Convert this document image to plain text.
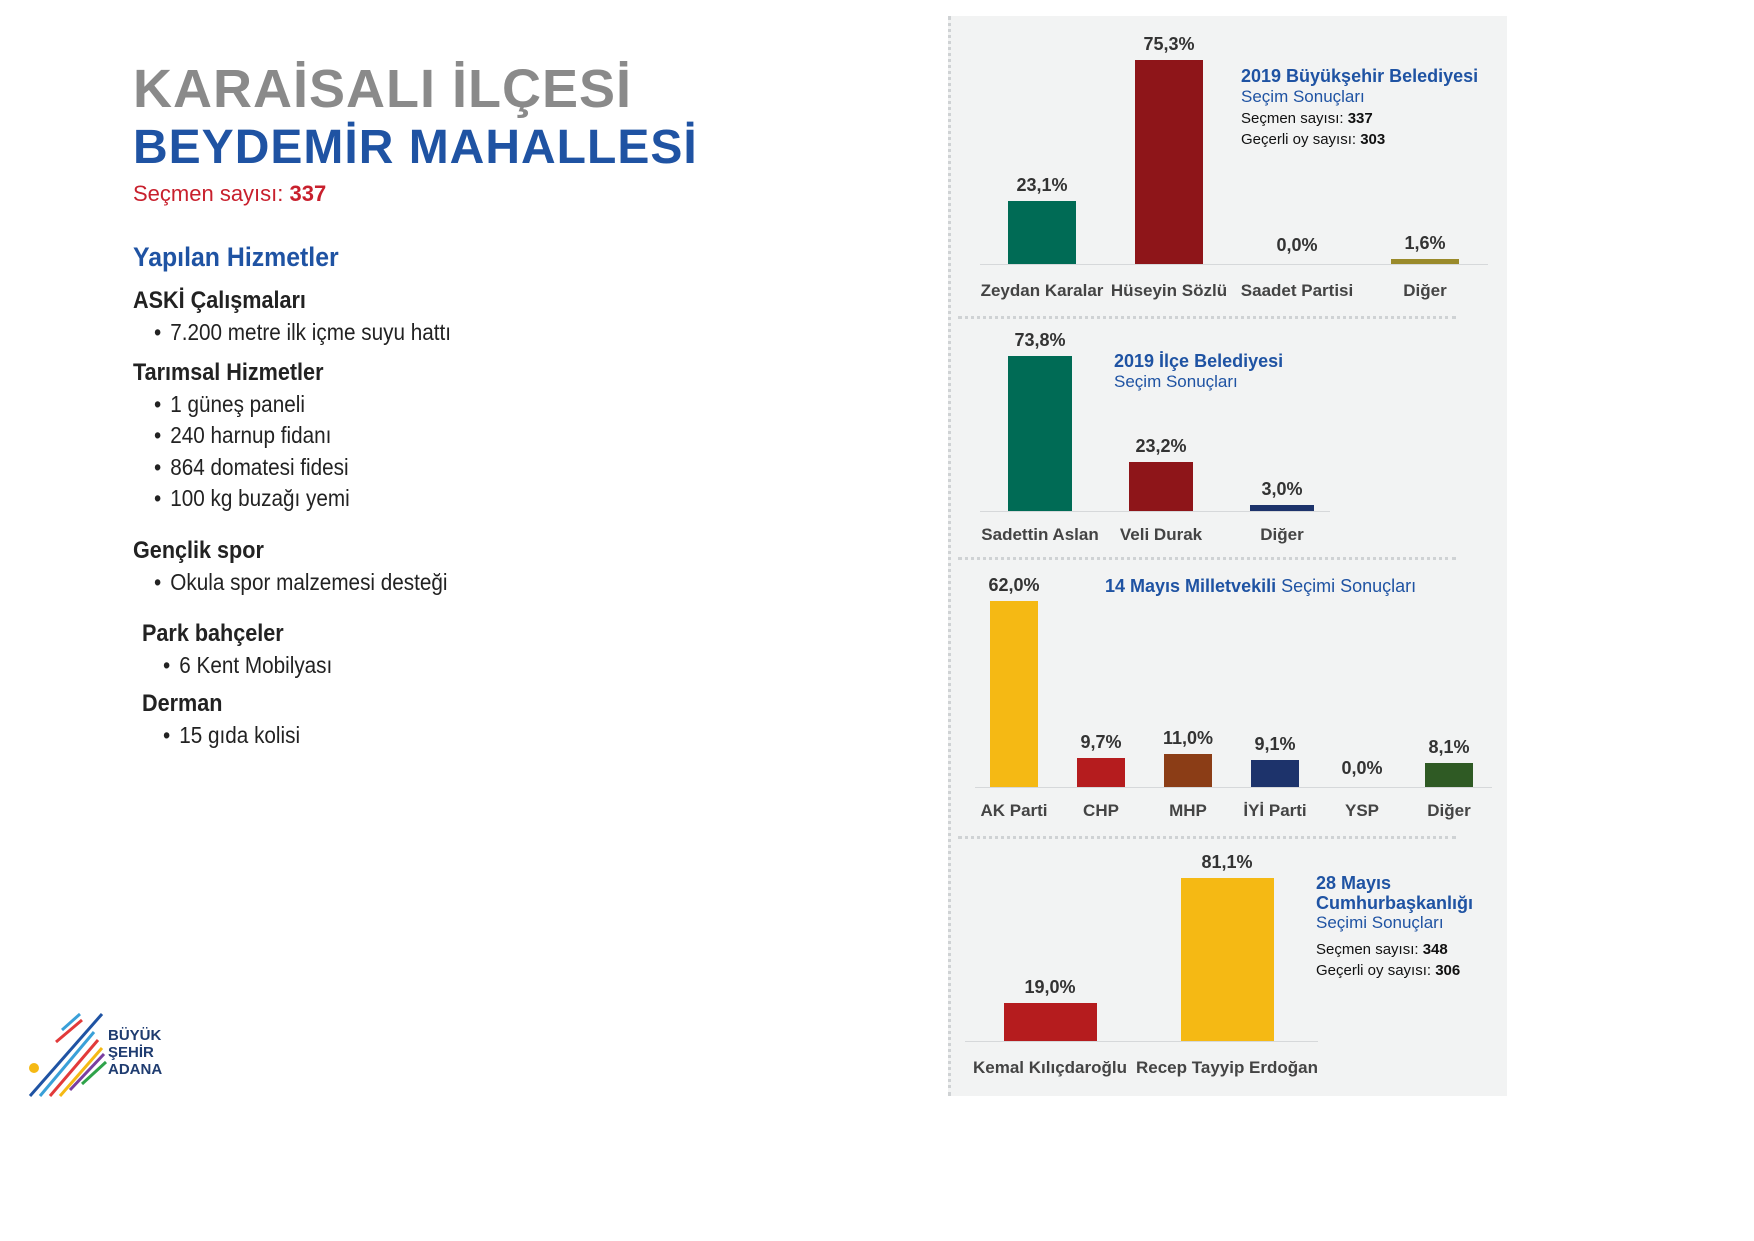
KARAİSALI İLÇESİ
BEYDEMİR MAHALLESİ
Seçmen sayısı: 337
Yapılan Hizmetler
ASKİ Çalışmaları
• 7.200 metre ilk içme suyu hattı
Tarımsal Hizmetler
• 1 güneş paneli
• 240 harnup fidanı
• 864 domatesi fidesi
• 100 kg buzağı yemi
Gençlik spor
• Okula spor malzemesi desteği
Park bahçeler
• 6 Kent Mobilyası
Derman
• 15 gıda kolisi
BÜYÜK
ŞEHİR
ADANA
23,1%
Zeydan Karalar
75,3%
Hüseyin Sözlü
0,0%
Saadet Partisi
1,6%
Diğer
2019 Büyükşehir Belediyesi
Seçim Sonuçları
Seçmen sayısı: 337
Geçerli oy sayısı: 303
73,8%
Sadettin Aslan
23,2%
Veli Durak
3,0%
Diğer
2019 İlçe Belediyesi
Seçim Sonuçları
62,0%
AK Parti
9,7%
CHP
11,0%
MHP
9,1%
İYİ Parti
0,0%
YSP
8,1%
Diğer
14 Mayıs Milletvekili Seçimi Sonuçları
19,0%
Kemal Kılıçdaroğlu
81,1%
Recep Tayyip Erdoğan
28 Mayıs
Cumhurbaşkanlığı
Seçimi Sonuçları
Seçmen sayısı: 348
Geçerli oy sayısı: 306
